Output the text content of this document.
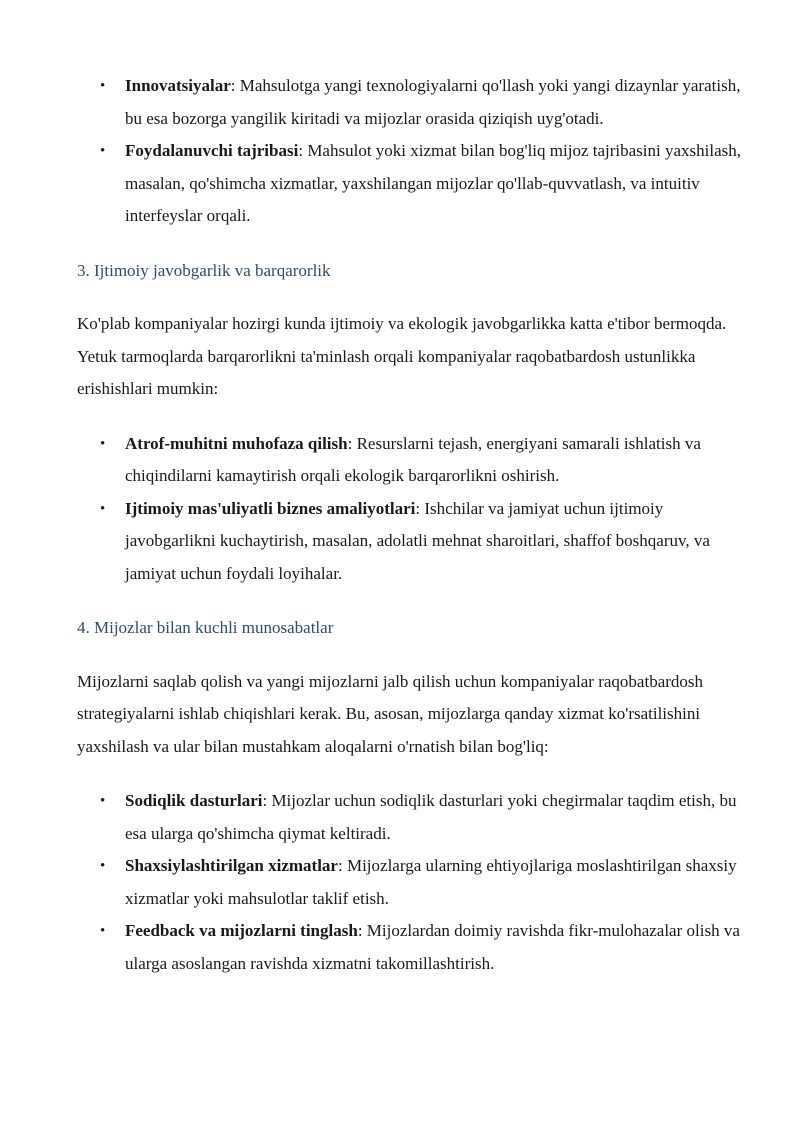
• Innovatsiyalar: Mahsulotga yangi texnologiyalarni qo'llash yoki yangi dizaynlar yaratish, bu esa bozorga yangilik kiritadi va mijozlar orasida qiziqish uyg'otadi.
• Foydalanuvchi tajribasi: Mahsulot yoki xizmat bilan bog'liq mijoz tajribasini yaxshilash, masalan, qo'shimcha xizmatlar, yaxshilangan mijozlar qo'llab-quvvatlash, va intuitiv interfeyslar orqali.
3. Ijtimoiy javobgarlik va barqarorlik

Ko'plab kompaniyalar hozirgi kunda ijtimoiy va ekologik javobgarlikka katta e'tibor bermoqda. Yetuk tarmoqlarda barqarorlikni ta'minlash orqali kompaniyalar raqobatbardosh ustunlikka erishishlari mumkin:

• Atrof-muhitni muhofaza qilish: Resurslarni tejash, energiyani samarali ishlatish va chiqindilarni kamaytirish orqali ekologik barqarorlikni oshirish.
• Ijtimoiy mas'uliyatli biznes amaliyotlari: Ishchilar va jamiyat uchun ijtimoiy javobgarlikni kuchaytirish, masalan, adolatli mehnat sharoitlari, shaffof boshqaruv, va jamiyat uchun foydali loyihalar.
4. Mijozlar bilan kuchli munosabatlar

Mijozlarni saqlab qolish va yangi mijozlarni jalb qilish uchun kompaniyalar raqobatbardosh strategiyalarni ishlab chiqishlari kerak. Bu, asosan, mijozlarga qanday xizmat ko'rsatilishini yaxshilash va ular bilan mustahkam aloqalarni o'rnatish bilan bog'liq:

• Sodiqlik dasturlari: Mijozlar uchun sodiqlik dasturlari yoki chegirmalar taqdim etish, bu esa ularga qo'shimcha qiymat keltiradi.
• Shaxsiylashtirilgan xizmatlar: Mijozlarga ularning ehtiyojlariga moslashtirilgan shaxsiy xizmatlar yoki mahsulotlar taklif etish.
• Feedback va mijozlarni tinglash: Mijozlardan doimiy ravishda fikr-mulohazalar olish va ularga asoslangan ravishda xizmatni takomillashtirish.
